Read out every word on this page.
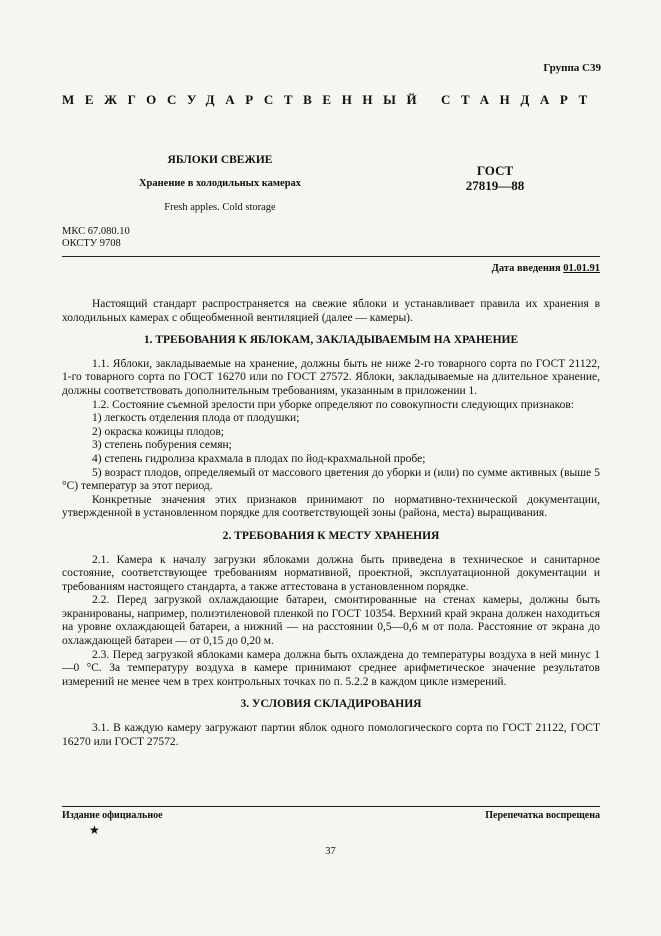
Группа С39
МЕЖГОСУДАРСТВЕННЫЙ СТАНДАРТ
ЯБЛОКИ СВЕЖИЕ
Хранение в холодильных камерах
Fresh apples. Cold storage
ГОСТ
27819—88
МКС 67.080.10
ОКСТУ 9708
Дата введения 01.01.91

Настоящий стандарт распространяется на свежие яблоки и устанавливает правила их хранения в холодильных камерах с общеобменной вентиляцией (далее — камеры).

1. ТРЕБОВАНИЯ К ЯБЛОКАМ, ЗАКЛАДЫВАЕМЫМ НА ХРАНЕНИЕ

1.1. Яблоки, закладываемые на хранение, должны быть не ниже 2-го товарного сорта по ГОСТ 21122, 1-го товарного сорта по ГОСТ 16270 или по ГОСТ 27572. Яблоки, закладываемые на длительное хранение, должны соответствовать дополнительным требованиям, указанным в приложении 1.

1.2. Состояние съемной зрелости при уборке определяют по совокупности следующих признаков:

1) легкость отделения плода от плодушки;

2) окраска кожицы плодов;

3) степень побурения семян;

4) степень гидролиза крахмала в плодах по йод-крахмальной пробе;

5) возраст плодов, определяемый от массового цветения до уборки и (или) по сумме активных (выше 5 °С) температур за этот период.

Конкретные значения этих признаков принимают по нормативно-технической документации, утвержденной в установленном порядке для соответствующей зоны (района, места) выращивания.

2. ТРЕБОВАНИЯ К МЕСТУ ХРАНЕНИЯ

2.1. Камера к началу загрузки яблоками должна быть приведена в техническое и санитарное состояние, соответствующее требованиям нормативной, проектной, эксплуатационной документации и требованиям настоящего стандарта, а также аттестована в установленном порядке.

2.2. Перед загрузкой охлаждающие батареи, смонтированные на стенах камеры, должны быть экранированы, например, полиэтиленовой пленкой по ГОСТ 10354. Верхний край экрана должен находиться на уровне охлаждающей батареи, а нижний — на расстоянии 0,5—0,6 м от пола. Расстояние от экрана до охлаждающей батареи — от 0,15 до 0,20 м.

2.3. Перед загрузкой яблоками камера должна быть охлаждена до температуры воздуха в ней минус 1—0 °С. За температуру воздуха в камере принимают среднее арифметическое значение результатов измерений не менее чем в трех контрольных точках по п. 5.2.2 в каждом цикле измерений.

3. УСЛОВИЯ СКЛАДИРОВАНИЯ

3.1. В каждую камеру загружают партии яблок одного помологического сорта по ГОСТ 21122, ГОСТ 16270 или ГОСТ 27572.

Издание официальное	Перепечатка воспрещена
★
37
